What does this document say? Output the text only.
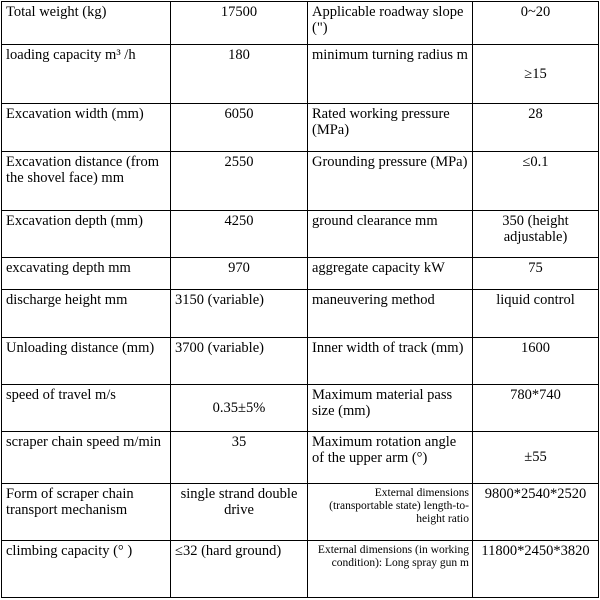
Total weight (kg)	17500	Applicable roadway slope (")	0~20
loading capacity m³ /h	180	minimum turning radius m	≥15
Excavation width (mm)	6050	Rated working pressure (MPa)	28
Excavation distance (from the shovel face) mm	2550	Grounding pressure (MPa)	≤0.1
Excavation depth (mm)	4250	ground clearance mm	350 (height adjustable)
excavating depth mm	970	aggregate capacity kW	75
discharge height mm	3150 (variable)	maneuvering method	liquid control
Unloading distance (mm)	3700 (variable)	Inner width of track (mm)	1600
speed of travel m/s	0.35±5%	Maximum material pass size (mm)	780*740
scraper chain speed m/min	35	Maximum rotation angle of the upper arm (°)	±55
Form of scraper chain transport mechanism	single strand double drive	External dimensions (transportable state) length-to-height ratio	9800*2540*2520
climbing capacity (° )	≤32 (hard ground)	External dimensions (in working condition): Long spray gun m	11800*2450*3820
